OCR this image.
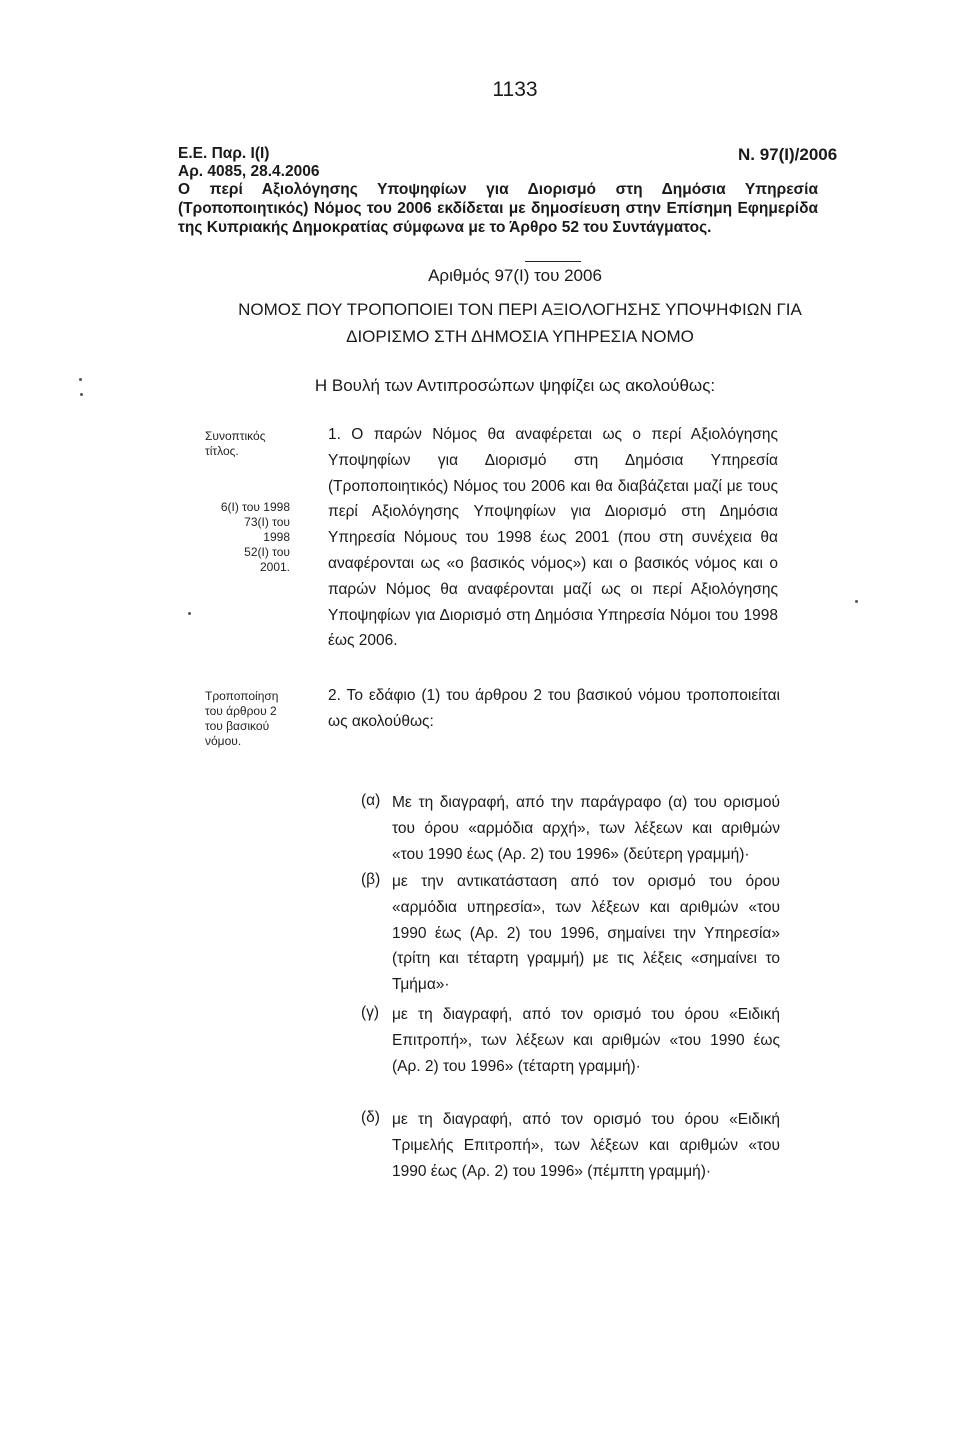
1133
Ε.Ε. Παρ. Ι(Ι)
Αρ. 4085, 28.4.2006
Ν. 97(Ι)/2006
Ο περί Αξιολόγησης Υποψηφίων για Διορισμό στη Δημόσια Υπηρεσία (Τροποποιητικός) Νόμος του 2006 εκδίδεται με δημοσίευση στην Επίσημη Εφημερίδα της Κυπριακής Δημοκρατίας σύμφωνα με το Άρθρο 52 του Συντάγματος.
Αριθμός 97(Ι) του 2006
ΝΟΜΟΣ ΠΟΥ ΤΡΟΠΟΠΟΙΕΙ ΤΟΝ ΠΕΡΙ ΑΞΙΟΛΟΓΗΣΗΣ ΥΠΟΨΗΦΙΩΝ ΓΙΑ
ΔΙΟΡΙΣΜΟ ΣΤΗ ΔΗΜΟΣΙΑ ΥΠΗΡΕΣΙΑ ΝΟΜΟ
Η Βουλή των Αντιπροσώπων ψηφίζει ως ακολούθως:
Συνοπτικός
τίτλος.
6(Ι) του 1998
73(Ι) του 1998
52(Ι) του 2001.
1. Ο παρών Νόμος θα αναφέρεται ως ο περί Αξιολόγησης Υποψηφίων για Διορισμό στη Δημόσια Υπηρεσία (Τροποποιητικός) Νόμος του 2006 και θα διαβάζεται μαζί με τους περί Αξιολόγησης Υποψηφίων για Διορισμό στη Δημόσια Υπηρεσία Νόμους του 1998 έως 2001 (που στη συνέχεια θα αναφέρονται ως «ο βασικός νόμος») και ο βασικός νόμος και ο παρών Νόμος θα αναφέρονται μαζί ως οι περί Αξιολόγησης Υποψηφίων για Διορισμό στη Δημόσια Υπηρεσία Νόμοι του 1998 έως 2006.
Τροποποίηση
του άρθρου 2
του βασικού
νόμου.
2. Το εδάφιο (1) του άρθρου 2 του βασικού νόμου τροποποιείται ως ακολούθως:
(α) Με τη διαγραφή, από την παράγραφο (α) του ορισμού του όρου «αρμόδια αρχή», των λέξεων και αριθμών «του 1990 έως (Αρ. 2) του 1996» (δεύτερη γραμμή)·
(β) με την αντικατάσταση από τον ορισμό του όρου «αρμόδια υπηρεσία», των λέξεων και αριθμών «του 1990 έως (Αρ. 2) του 1996, σημαίνει την Υπηρεσία» (τρίτη και τέταρτη γραμμή) με τις λέξεις «σημαίνει το Τμήμα»·
(γ) με τη διαγραφή, από τον ορισμό του όρου «Ειδική Επιτροπή», των λέξεων και αριθμών «του 1990 έως (Αρ. 2) του 1996» (τέταρτη γραμμή)·
(δ) με τη διαγραφή, από τον ορισμό του όρου «Ειδική Τριμελής Επιτροπή», των λέξεων και αριθμών «του 1990 έως (Αρ. 2) του 1996» (πέμπτη γραμμή)·
